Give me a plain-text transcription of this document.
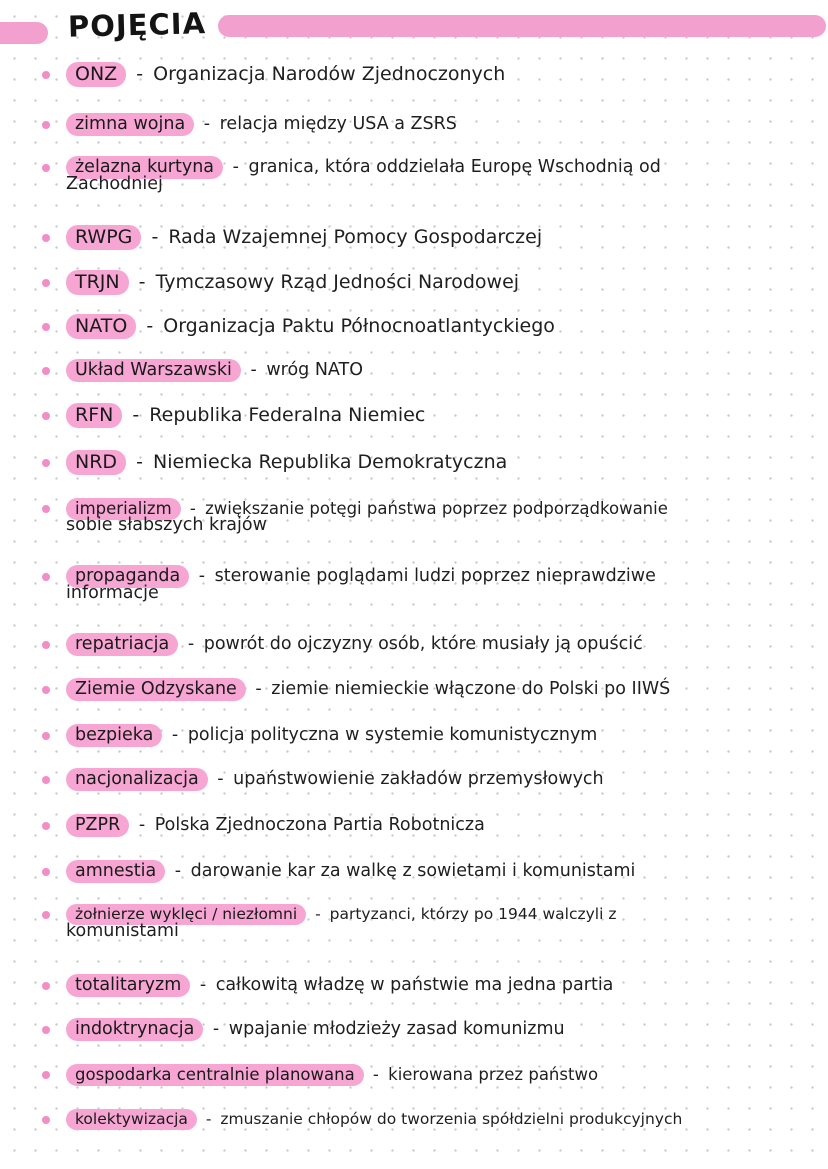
POJĘCIA
ONZ - Organizacja Narodów Zjednoczonych
zimna wojna - relacja między USA a ZSRS
żelazna kurtyna - granica, która oddzielała Europę Wschodnią od
Zachodniej
RWPG - Rada Wzajemnej Pomocy Gospodarczej
TRJN - Tymczasowy Rząd Jedności Narodowej
NATO - Organizacja Paktu Północnoatlantyckiego
Układ Warszawski - wróg NATO
RFN - Republika Federalna Niemiec
NRD - Niemiecka Republika Demokratyczna
imperializm - zwiększanie potęgi państwa poprzez podporządkowanie
sobie słabszych krajów
propaganda - sterowanie poglądami ludzi poprzez nieprawdziwe
informacje
repatriacja - powrót do ojczyzny osób, które musiały ją opuścić
Ziemie Odzyskane - ziemie niemieckie włączone do Polski po IIWŚ
bezpieka - policja polityczna w systemie komunistycznym
nacjonalizacja - upaństwowienie zakładów przemysłowych
PZPR - Polska Zjednoczona Partia Robotnicza
amnestia - darowanie kar za walkę z sowietami i komunistami
żołnierze wyklęci / niezłomni - partyzanci, którzy po 1944 walczyli z
komunistami
totalitaryzm - całkowitą władzę w państwie ma jedna partia
indoktrynacja - wpajanie młodzieży zasad komunizmu
gospodarka centralnie planowana - kierowana przez państwo
kolektywizacja - zmuszanie chłopów do tworzenia spółdzielni produkcyjnych
